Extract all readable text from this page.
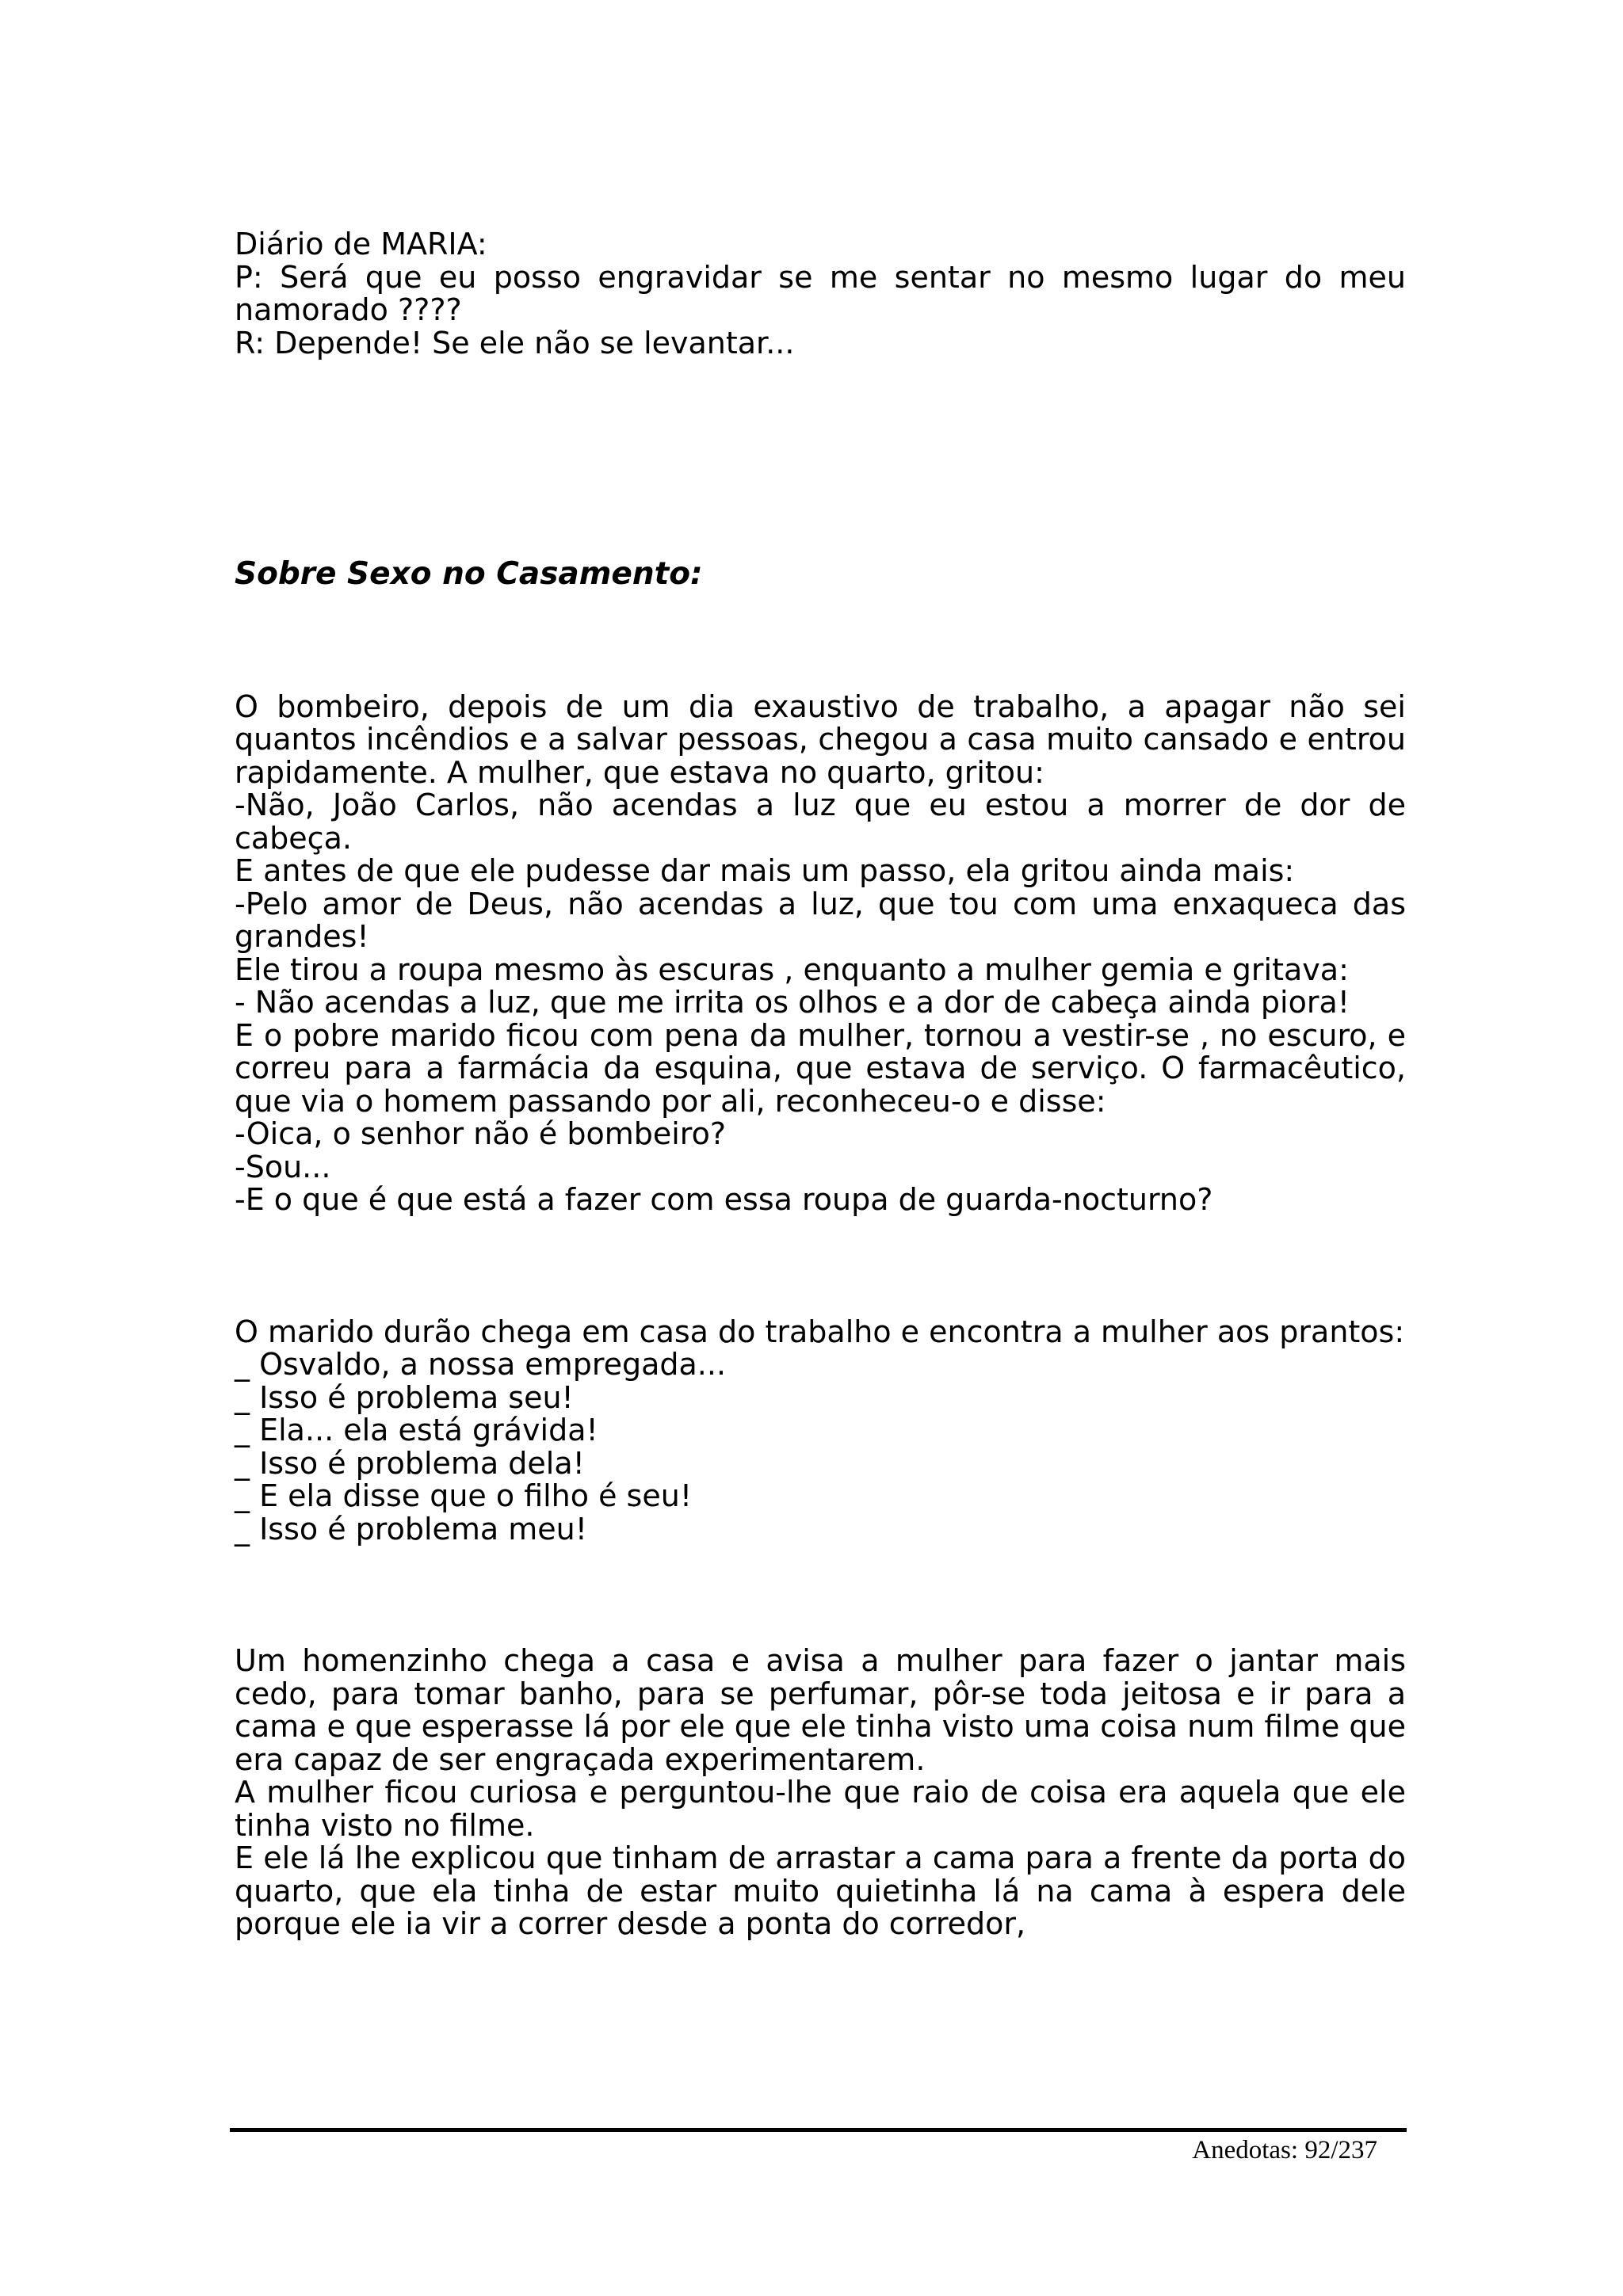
Diário de MARIA:

P: Será que eu posso engravidar se me sentar no mesmo lugar do meu namorado ????

R: Depende! Se ele não se levantar...

Sobre Sexo no Casamento:

O bombeiro, depois de um dia exaustivo de trabalho, a apagar não sei quantos incêndios e a salvar pessoas, chegou a casa muito cansado e entrou rapidamente. A mulher, que estava no quarto, gritou:

-Não, João Carlos, não acendas a luz que eu estou a morrer de dor de cabeça.

E antes de que ele pudesse dar mais um passo, ela gritou ainda mais:

-Pelo amor de Deus, não acendas a luz, que tou com uma enxaqueca das grandes!

Ele tirou a roupa mesmo às escuras , enquanto a mulher gemia e gritava:

- Não acendas a luz, que me irrita os olhos e a dor de cabeça ainda piora!

E o pobre marido ficou com pena da mulher, tornou a vestir-se , no escuro, e correu para a farmácia da esquina, que estava de serviço. O farmacêutico, que via o homem passando por ali, reconheceu-o e disse:

-Oica, o senhor não é bombeiro?

-Sou...

-E o que é que está a fazer com essa roupa de guarda-nocturno?

O marido durão chega em casa do trabalho e encontra a mulher aos prantos:

_ Osvaldo, a nossa empregada...

_ Isso é problema seu!

_ Ela... ela está grávida!

_ Isso é problema dela!

_ E ela disse que o filho é seu!

_ Isso é problema meu!

Um homenzinho chega a casa e avisa a mulher para fazer o jantar mais cedo, para tomar banho, para se perfumar, pôr-se toda jeitosa e ir para a cama e que esperasse lá por ele que ele tinha visto uma coisa num filme que era capaz de ser engraçada experimentarem.

A mulher ficou curiosa e perguntou-lhe que raio de coisa era aquela que ele tinha visto no filme.

E ele lá lhe explicou que tinham de arrastar a cama para a frente da porta do quarto, que ela tinha de estar muito quietinha lá na cama à espera dele porque ele ia vir a correr desde a ponta do corredor,

Anedotas: 92/237
